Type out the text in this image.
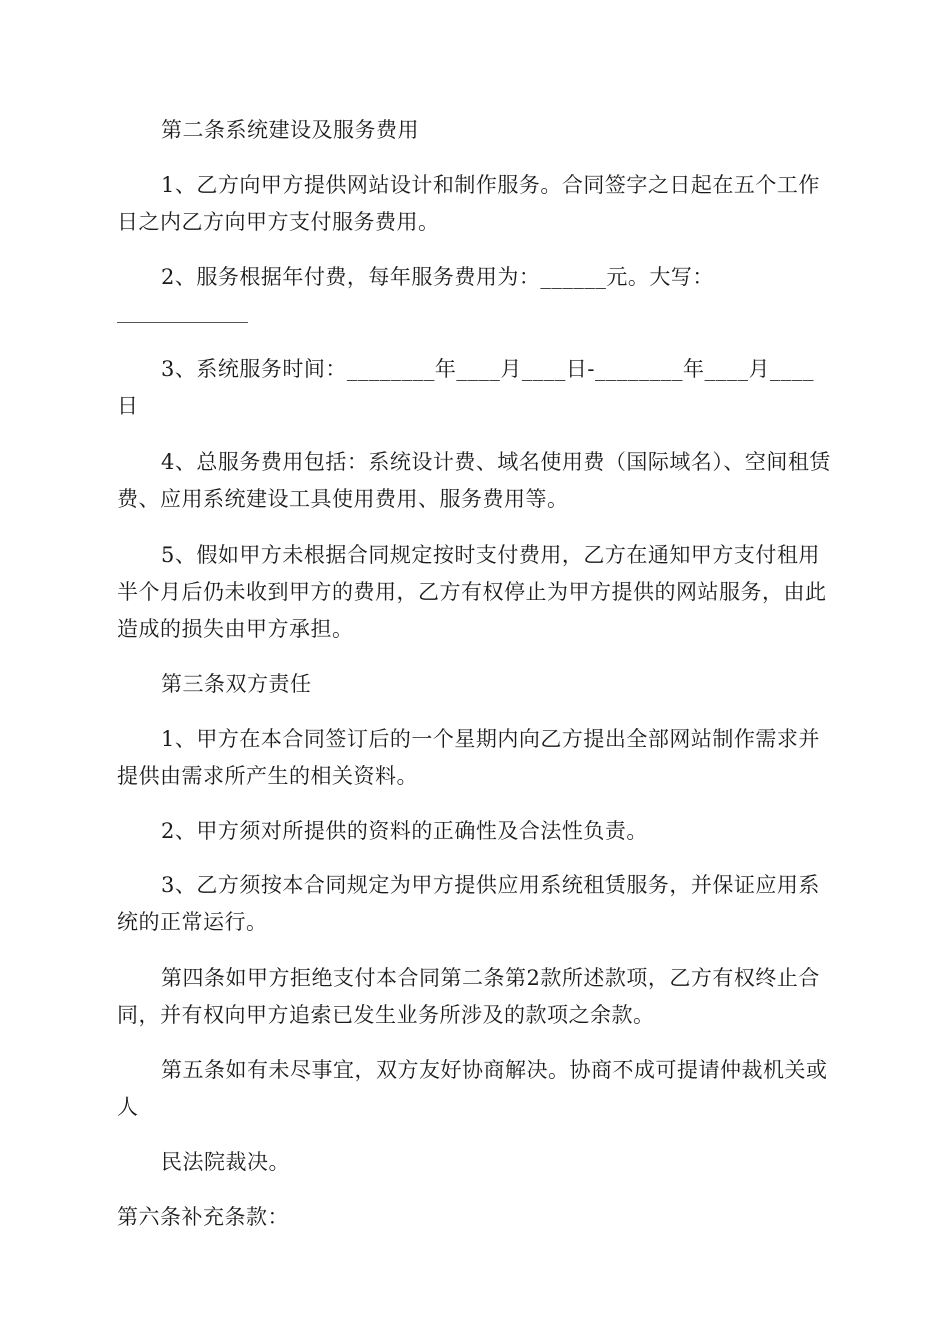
第二条系统建设及服务费用

1、乙方向甲方提供网站设计和制作服务。合同签字之日起在五个工作日之内乙方向甲方支付服务费用。

2、服务根据年付费，每年服务费用为：______元。大写：

3、系统服务时间：________年____月____日-________年____月____日

4、总服务费用包括：系统设计费、域名使用费（国际域名）、空间租赁费、应用系统建设工具使用费用、服务费用等。

5、假如甲方未根据合同规定按时支付费用，乙方在通知甲方支付租用半个月后仍未收到甲方的费用，乙方有权停止为甲方提供的网站服务，由此造成的损失由甲方承担。

第三条双方责任

1、甲方在本合同签订后的一个星期内向乙方提出全部网站制作需求并提供由需求所产生的相关资料。

2、甲方须对所提供的资料的正确性及合法性负责。

3、乙方须按本合同规定为甲方提供应用系统租赁服务，并保证应用系统的正常运行。

第四条如甲方拒绝支付本合同第二条第2款所述款项，乙方有权终止合同，并有权向甲方追索已发生业务所涉及的款项之余款。

第五条如有未尽事宜，双方友好协商解决。协商不成可提请仲裁机关或人

民法院裁决。

第六条补充条款：
